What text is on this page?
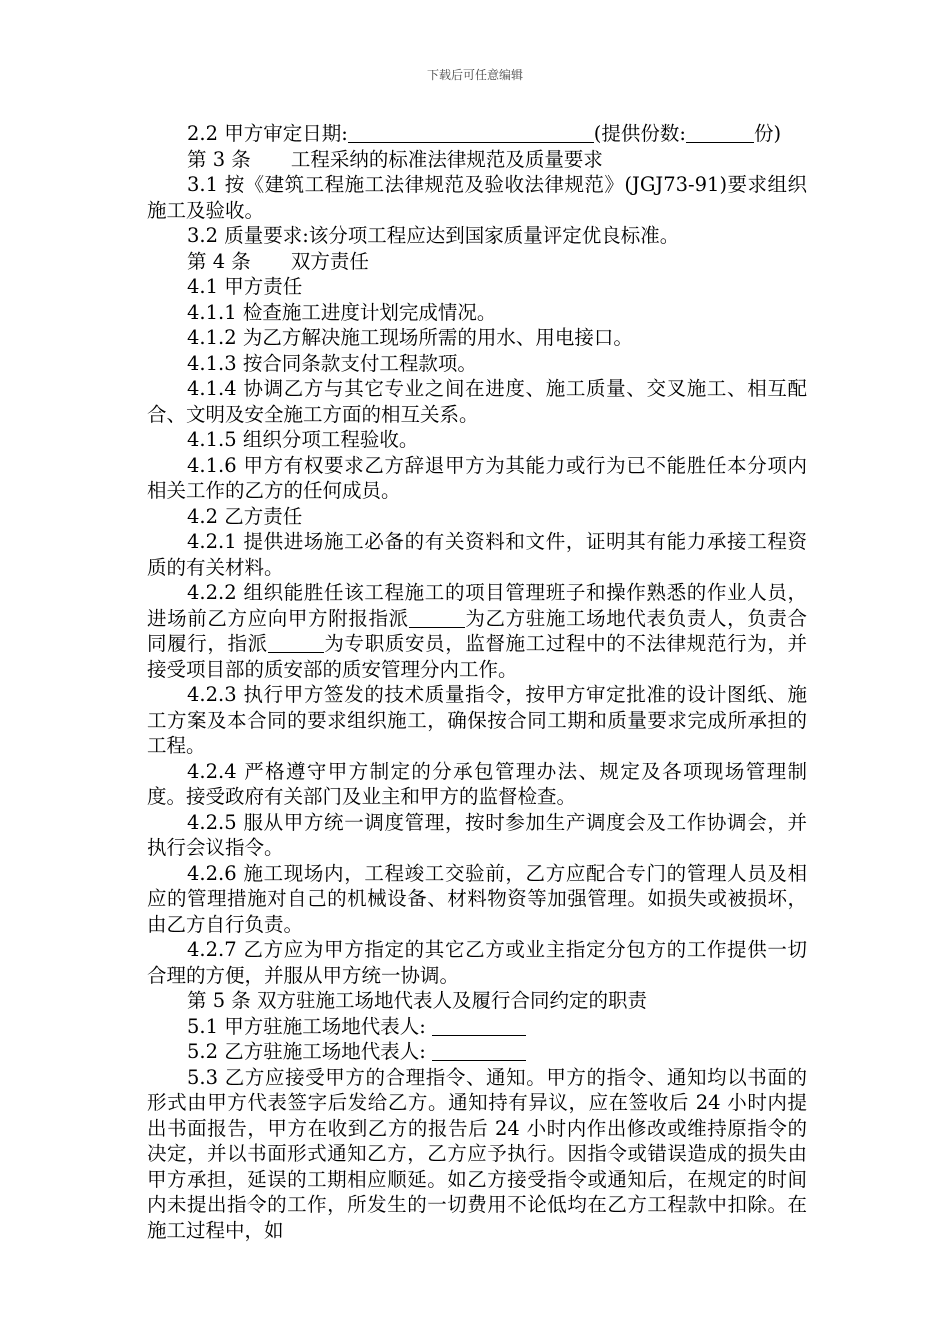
下载后可任意编辑

2.2 甲方审定日期:	(提供份数:	份)

第 3 条 工程采纳的标准法律规范及质量要求

3.1 按《建筑工程施工法律规范及验收法律规范》(JGJ73-91)要求组织施工及验收。

3.2 质量要求:该分项工程应达到国家质量评定优良标准。

第 4 条 双方责任

4.1 甲方责任

4.1.1 检查施工进度计划完成情况。

4.1.2 为乙方解决施工现场所需的用水、用电接口。

4.1.3 按合同条款支付工程款项。

4.1.4 协调乙方与其它专业之间在进度、施工质量、交叉施工、相互配合、文明及安全施工方面的相互关系。

4.1.5 组织分项工程验收。

4.1.6 甲方有权要求乙方辞退甲方为其能力或行为已不能胜任本分项内相关工作的乙方的任何成员。

4.2 乙方责任

4.2.1 提供进场施工必备的有关资料和文件，证明其有能力承接工程资质的有关材料。

4.2.2 组织能胜任该工程施工的项目管理班子和操作熟悉的作业人员，进场前乙方应向甲方附报指派	为乙方驻施工场地代表负责人，负责合同履行，指派	为专职质安员，监督施工过程中的不法律规范行为，并接受项目部的质安部的质安管理分内工作。

4.2.3 执行甲方签发的技术质量指令，按甲方审定批准的设计图纸、施工方案及本合同的要求组织施工，确保按合同工期和质量要求完成所承担的工程。

4.2.4 严格遵守甲方制定的分承包管理办法、规定及各项现场管理制度。接受政府有关部门及业主和甲方的监督检查。

4.2.5 服从甲方统一调度管理，按时参加生产调度会及工作协调会，并执行会议指令。

4.2.6 施工现场内，工程竣工交验前，乙方应配合专门的管理人员及相应的管理措施对自己的机械设备、材料物资等加强管理。如损失或被损坏，由乙方自行负责。

4.2.7 乙方应为甲方指定的其它乙方或业主指定分包方的工作提供一切合理的方便，并服从甲方统一协调。

第 5 条 双方驻施工场地代表人及履行合同约定的职责

5.1 甲方驻施工场地代表人:

5.2 乙方驻施工场地代表人:

5.3 乙方应接受甲方的合理指令、通知。甲方的指令、通知均以书面的形式由甲方代表签字后发给乙方。通知持有异议，应在签收后 24 小时内提出书面报告，甲方在收到乙方的报告后 24 小时内作出修改或维持原指令的决定，并以书面形式通知乙方，乙方应予执行。因指令或错误造成的损失由甲方承担，延误的工期相应顺延。如乙方接受指令或通知后，在规定的时间内未提出指令的工作，所发生的一切费用不论低均在乙方工程款中扣除。在施工过程中，如
